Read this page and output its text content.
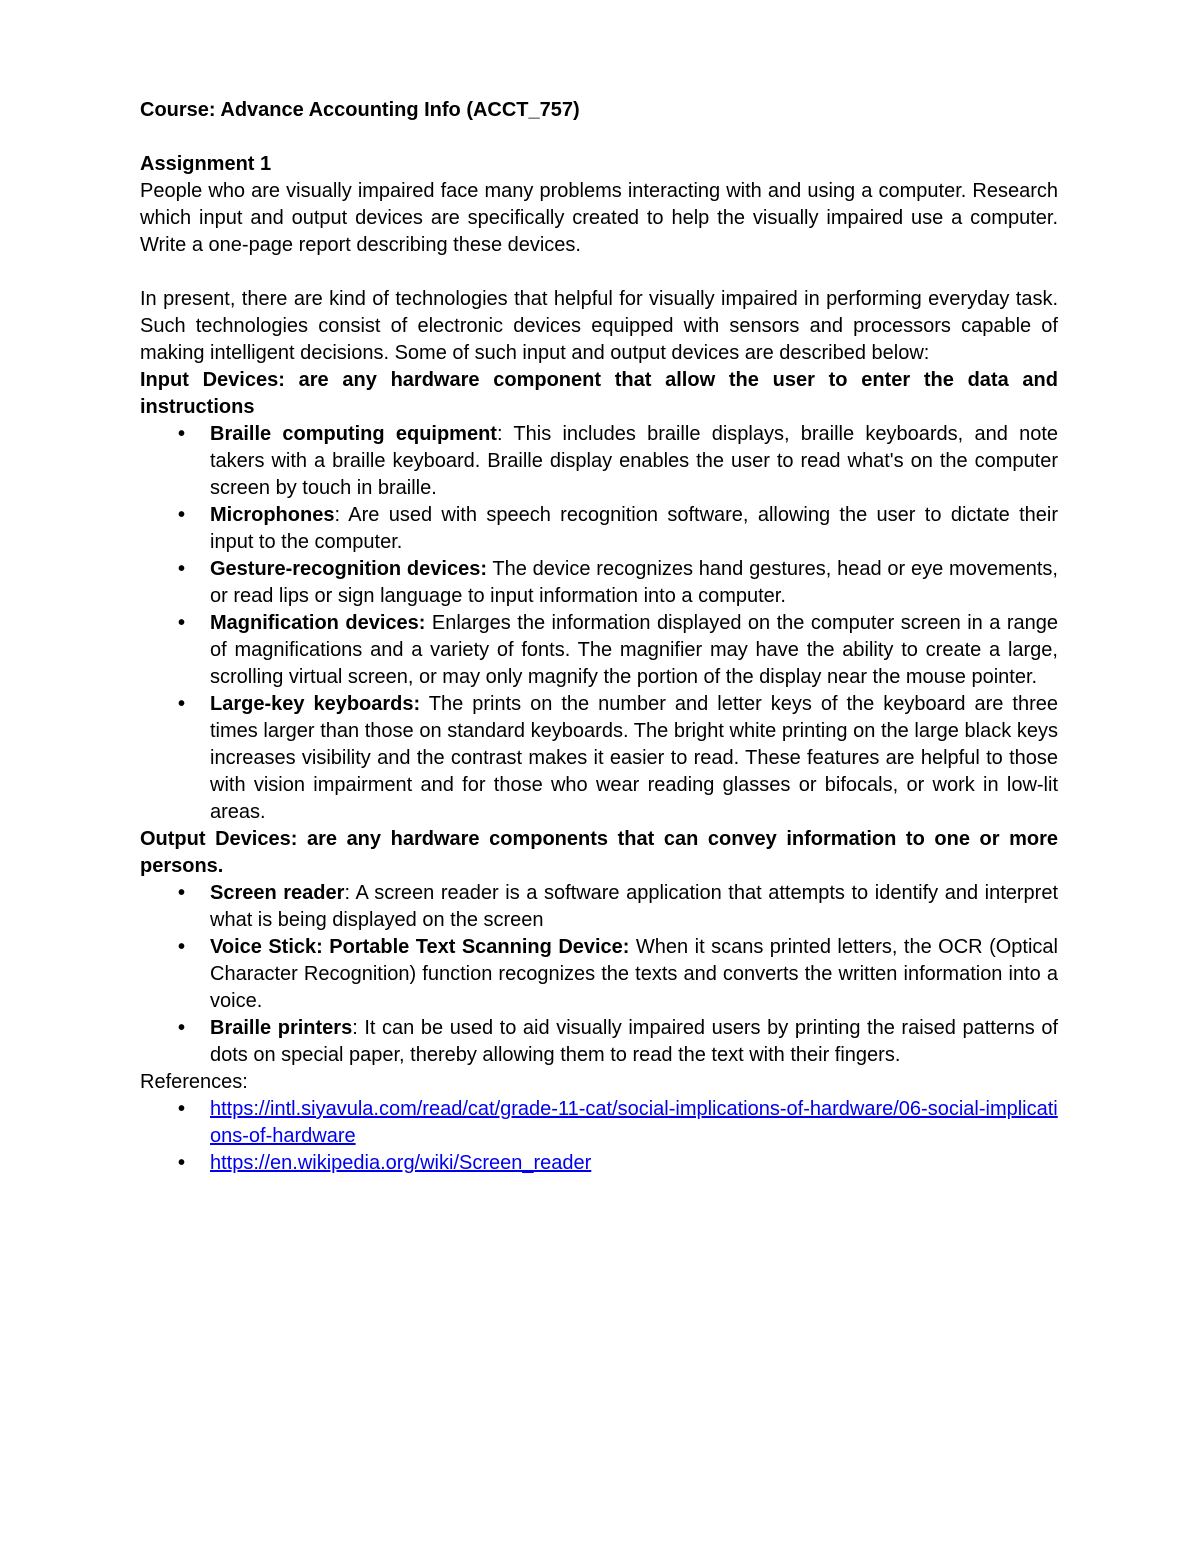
Course: Advance Accounting Info (ACCT_757)

Assignment 1

People who are visually impaired face many problems interacting with and using a computer. Research which input and output devices are specifically created to help the visually impaired use a computer. Write a one-page report describing these devices.

In present, there are kind of technologies that helpful for visually impaired in performing everyday task. Such technologies consist of electronic devices equipped with sensors and processors capable of making intelligent decisions. Some of such input and output devices are described below:

Input Devices: are any hardware component that allow the user to enter the data and instructions

• Braille computing equipment: This includes braille displays, braille keyboards, and note takers with a braille keyboard. Braille display enables the user to read what's on the computer screen by touch in braille.
• Microphones: Are used with speech recognition software, allowing the user to dictate their input to the computer.
• Gesture-recognition devices: The device recognizes hand gestures, head or eye movements, or read lips or sign language to input information into a computer.
• Magnification devices: Enlarges the information displayed on the computer screen in a range of magnifications and a variety of fonts. The magnifier may have the ability to create a large, scrolling virtual screen, or may only magnify the portion of the display near the mouse pointer.
• Large-key keyboards: The prints on the number and letter keys of the keyboard are three times larger than those on standard keyboards. The bright white printing on the large black keys increases visibility and the contrast makes it easier to read. These features are helpful to those with vision impairment and for those who wear reading glasses or bifocals, or work in low-lit areas.

Output Devices: are any hardware components that can convey information to one or more persons.

• Screen reader: A screen reader is a software application that attempts to identify and interpret what is being displayed on the screen
• Voice Stick: Portable Text Scanning Device: When it scans printed letters, the OCR (Optical Character Recognition) function recognizes the texts and converts the written information into a voice.
• Braille printers: It can be used to aid visually impaired users by printing the raised patterns of dots on special paper, thereby allowing them to read the text with their fingers.

References:

• https://intl.siyavula.com/read/cat/grade-11-cat/social-implications-of-hardware/06-social-implications-of-hardware
• https://en.wikipedia.org/wiki/Screen_reader
